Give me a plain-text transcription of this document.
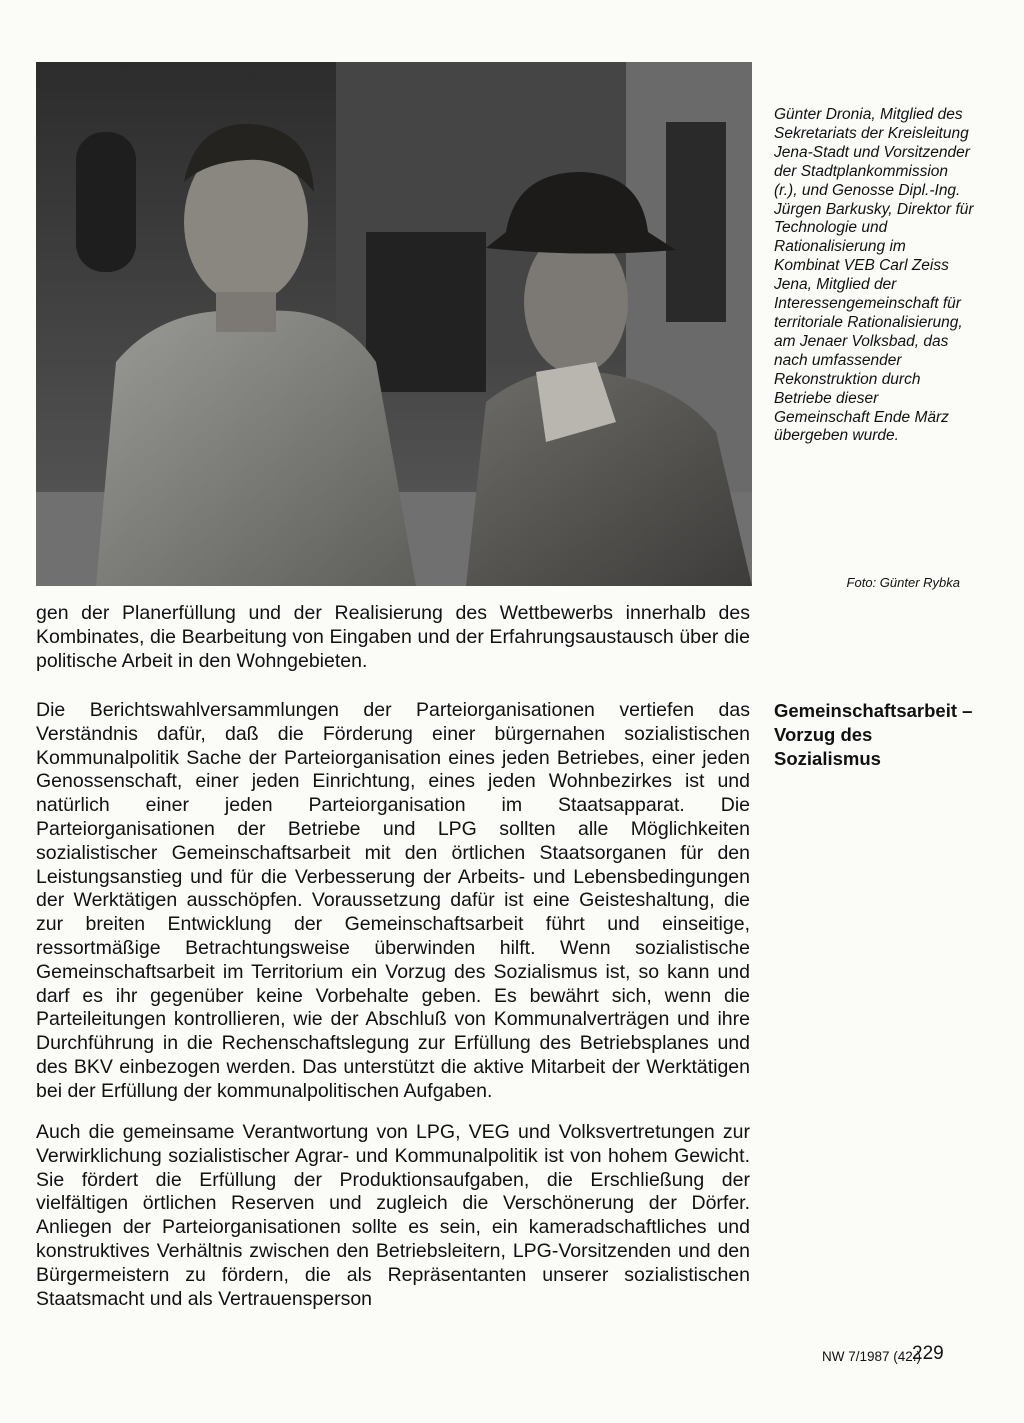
Günter Dronia, Mitglied des Sekretariats der Kreisleitung Jena-Stadt und Vorsitzender der Stadtplankommission (r.), und Genosse Dipl.-Ing. Jürgen Barkusky, Direktor für Technologie und Rationalisierung im Kombinat VEB Carl Zeiss Jena, Mitglied der Interessengemeinschaft für territoriale Rationalisierung, am Jenaer Volksbad, das nach umfassender Rekonstruktion durch Betriebe dieser Gemeinschaft Ende März übergeben wurde.

Foto: Günter Rybka

gen der Planerfüllung und der Realisierung des Wettbewerbs innerhalb des Kombinates, die Bearbeitung von Eingaben und der Erfahrungsaustausch über die politische Arbeit in den Wohngebieten.

Gemeinschaftsarbeit – Vorzug des Sozialismus

Die Berichtswahlversammlungen der Parteiorganisationen vertiefen das Verständnis dafür, daß die Förderung einer bürgernahen sozialistischen Kommunalpolitik Sache der Parteiorganisation eines jeden Betriebes, einer jeden Genossenschaft, einer jeden Einrichtung, eines jeden Wohnbezirkes ist und natürlich einer jeden Parteiorganisation im Staatsapparat. Die Parteiorganisationen der Betriebe und LPG sollten alle Möglichkeiten sozialistischer Gemeinschaftsarbeit mit den örtlichen Staatsorganen für den Leistungsanstieg und für die Verbesserung der Arbeits- und Lebensbedingungen der Werktätigen ausschöpfen. Voraussetzung dafür ist eine Geisteshaltung, die zur breiten Entwicklung der Gemeinschaftsarbeit führt und einseitige, ressortmäßige Betrachtungsweise überwinden hilft. Wenn sozialistische Gemeinschaftsarbeit im Territorium ein Vorzug des Sozialismus ist, so kann und darf es ihr gegenüber keine Vorbehalte geben. Es bewährt sich, wenn die Parteileitungen kontrollieren, wie der Abschluß von Kommunalverträgen und ihre Durchführung in die Rechenschaftslegung zur Erfüllung des Betriebsplanes und des BKV einbezogen werden. Das unterstützt die aktive Mitarbeit der Werktätigen bei der Erfüllung der kommunalpolitischen Aufgaben.

Auch die gemeinsame Verantwortung von LPG, VEG und Volksvertretungen zur Verwirklichung sozialistischer Agrar- und Kommunalpolitik ist von hohem Gewicht. Sie fördert die Erfüllung der Produktionsaufgaben, die Erschließung der vielfältigen örtlichen Reserven und zugleich die Verschönerung der Dörfer. Anliegen der Parteiorganisationen sollte es sein, ein kameradschaftliches und konstruktives Verhältnis zwischen den Betriebsleitern, LPG-Vorsitzenden und den Bürgermeistern zu fördern, die als Repräsentanten unserer sozialistischen Staatsmacht und als Vertrauensperson

NW 7/1987 (42.)

229
